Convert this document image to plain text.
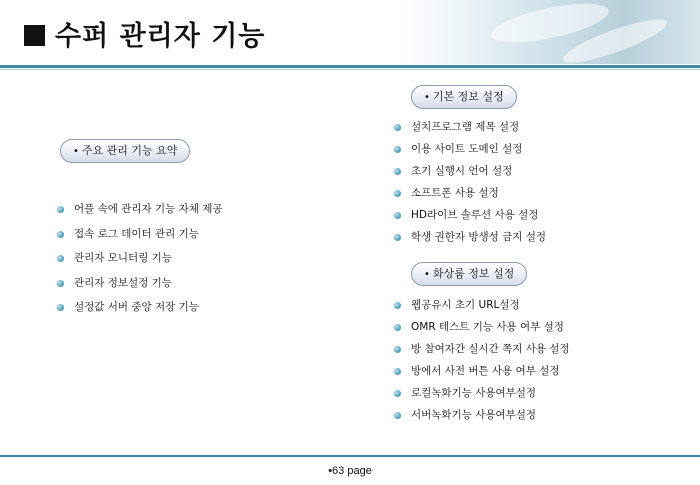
수퍼 관리자 기능
• 주요 관리 기능 요약
어플 속에 관리자 기능 자체 제공
접속 로그 데이터 관리 기능
관리자 모니터링 기능
관리자 정보설정 기능
설정값 서버 중앙 저장 기능
• 기본 정보 설정
설치프로그램 제목 설정
이용 사이트 도메인 설정
초기 실행시 언어 설정
소프트폰 사용 설정
HD라이브 솔루션 사용 설정
학생 권한자 방생성 금지 설정
• 화상룸 정보 설정
웹공유시 초기 URL설정
OMR 테스트 기능 사용 여부 설정
방 참여자간 실시간 쪽지 사용 설정
방에서 사전 버튼 사용 여부 설정
로컬녹화기능 사용여부설정
서버녹화기능 사용여부설정
•63 page
